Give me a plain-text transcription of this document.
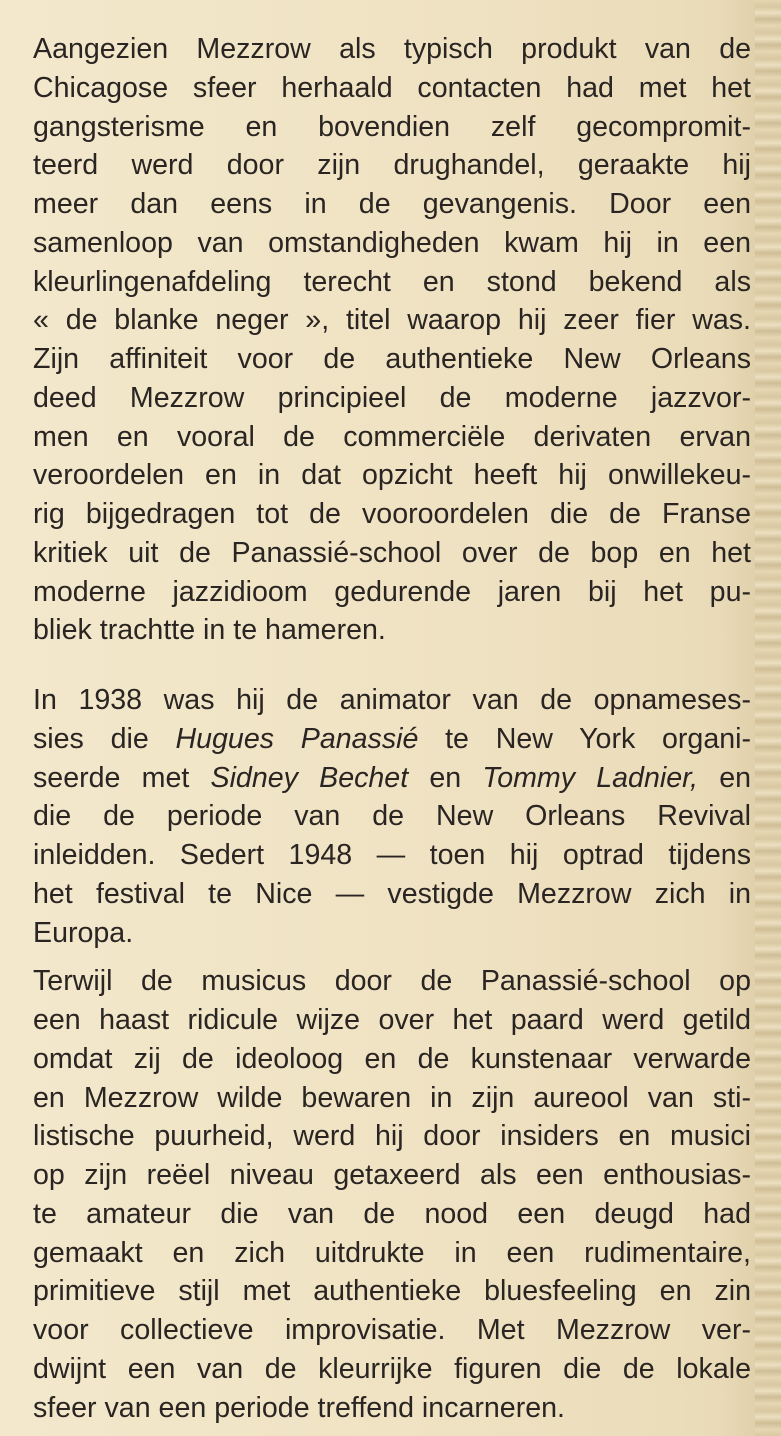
Aangezien Mezzrow als typisch produkt van de
Chicagose sfeer herhaald contacten had met het
gangsterisme en bovendien zelf gecompromit-
teerd werd door zijn drughandel, geraakte hij
meer dan eens in de gevangenis. Door een
samenloop van omstandigheden kwam hij in een
kleurlingenafdeling terecht en stond bekend als
« de blanke neger », titel waarop hij zeer fier was.
Zijn affiniteit voor de authentieke New Orleans
deed Mezzrow principieel de moderne jazzvor-
men en vooral de commerciële derivaten ervan
veroordelen en in dat opzicht heeft hij onwillekeu-
rig bijgedragen tot de vooroordelen die de Franse
kritiek uit de Panassié-school over de bop en het
moderne jazzidioom gedurende jaren bij het pu-
bliek trachtte in te hameren.
In 1938 was hij de animator van de opnameses-
sies die Hugues Panassié te New York organi-
seerde met Sidney Bechet en Tommy Ladnier, en
die de periode van de New Orleans Revival
inleidden. Sedert 1948 — toen hij optrad tijdens
het festival te Nice — vestigde Mezzrow zich in
Europa.
Terwijl de musicus door de Panassié-school op
een haast ridicule wijze over het paard werd getild
omdat zij de ideoloog en de kunstenaar verwarde
en Mezzrow wilde bewaren in zijn aureool van sti-
listische puurheid, werd hij door insiders en musici
op zijn reëel niveau getaxeerd als een enthousias-
te amateur die van de nood een deugd had
gemaakt en zich uitdrukte in een rudimentaire,
primitieve stijl met authentieke bluesfeeling en zin
voor collectieve improvisatie. Met Mezzrow ver-
dwijnt een van de kleurrijke figuren die de lokale
sfeer van een periode treffend incarneren.
